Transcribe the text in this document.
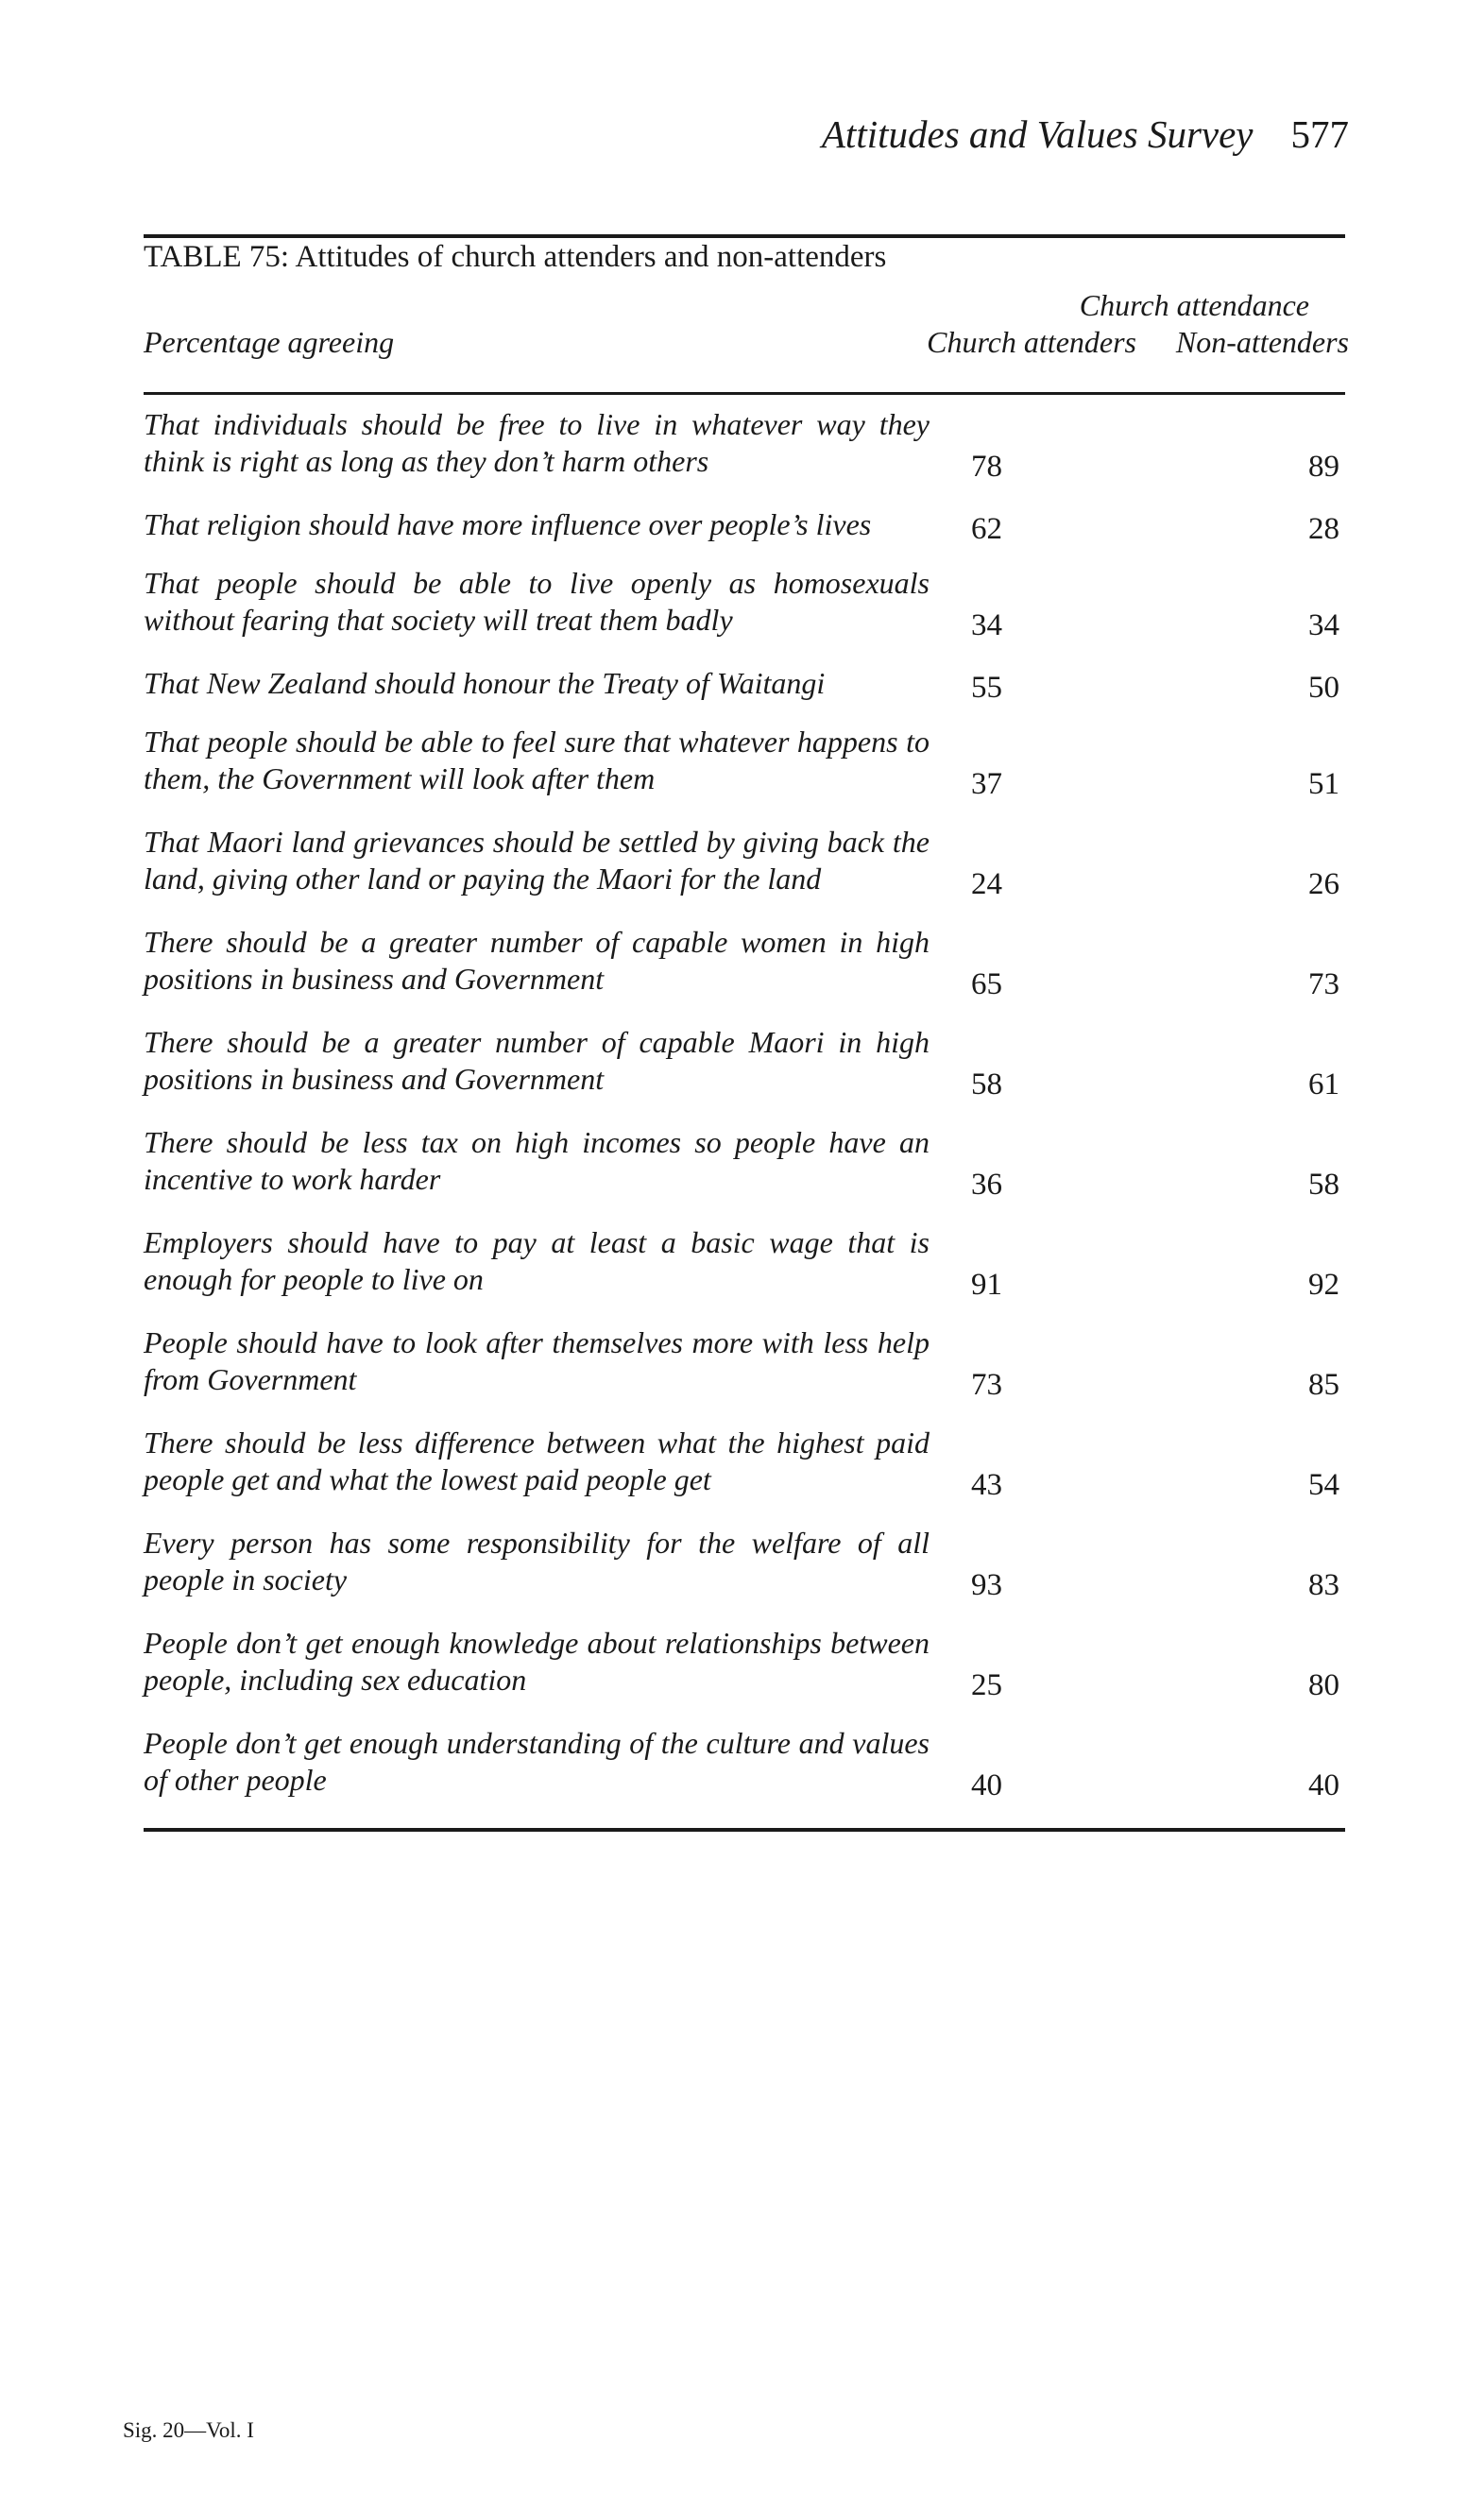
Attitudes and Values Survey 577
TABLE 75: Attitudes of church attenders and non-attenders
Church attendance
Percentage agreeing	Church attenders Non-attenders
That individuals should be free to live in whatever way they think is right as long as they don’t harm others	78	89
That religion should have more influence over people’s lives	62	28
That people should be able to live openly as homosexuals without fearing that society will treat them badly	34	34
That New Zealand should honour the Treaty of Waitangi	55	50
That people should be able to feel sure that whatever happens to them, the Government will look after them	37	51
That Maori land grievances should be settled by giving back the land, giving other land or paying the Maori for the land	24	26
There should be a greater number of capable women in high positions in business and Government	65	73
There should be a greater number of capable Maori in high positions in business and Government	58	61
There should be less tax on high incomes so people have an incentive to work harder	36	58
Employers should have to pay at least a basic wage that is enough for people to live on	91	92
People should have to look after themselves more with less help from Government	73	85
There should be less difference between what the highest paid people get and what the lowest paid people get	43	54
Every person has some responsibility for the welfare of all people in society	93	83
People don’t get enough knowledge about relationships between people, including sex education	25	80
People don’t get enough understanding of the culture and values of other people	40	40
Sig. 20—Vol. I
